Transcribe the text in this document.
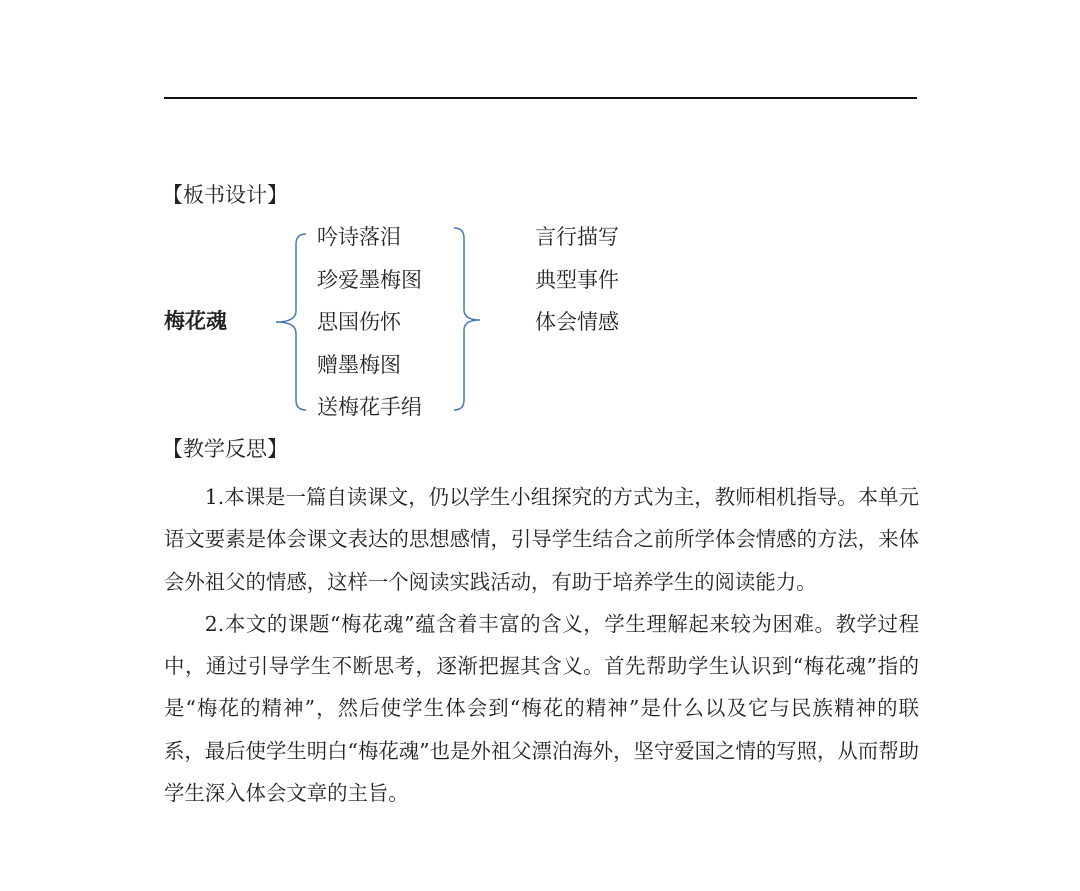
【板书设计】
梅花魂
吟诗落泪
珍爱墨梅图
思国伤怀
赠墨梅图
送梅花手绢
言行描写
典型事件
体会情感
【教学反思】

1.本课是一篇自读课文，仍以学生小组探究的方式为主，教师相机指导。本单元语文要素是体会课文表达的思想感情，引导学生结合之前所学体会情感的方法，来体会外祖父的情感，这样一个阅读实践活动，有助于培养学生的阅读能力。

2.本文的课题“梅花魂”蕴含着丰富的含义，学生理解起来较为困难。教学过程中，通过引导学生不断思考，逐渐把握其含义。首先帮助学生认识到“梅花魂”指的是“梅花的精神”，然后使学生体会到“梅花的精神”是什么以及它与民族精神的联系，最后使学生明白“梅花魂”也是外祖父漂泊海外，坚守爱国之情的写照，从而帮助学生深入体会文章的主旨。
